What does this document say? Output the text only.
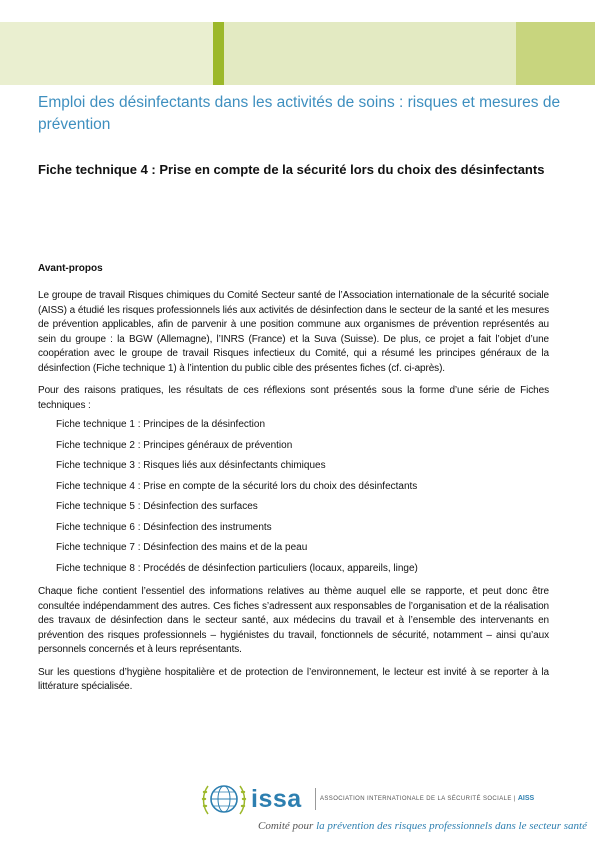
Emploi des désinfectants dans les activités de soins : risques et mesures de prévention
Fiche technique 4 : Prise en compte de la sécurité lors du choix des désinfectants

Avant-propos

Le groupe de travail Risques chimiques du Comité Secteur santé de l’Association internationale de la sécurité sociale (AISS) a étudié les risques professionnels liés aux activités de désinfection dans le secteur de la santé et les mesures de prévention applicables, afin de parvenir à une position commune aux organismes de prévention représentés au sein du groupe : la BGW (Allemagne), l’INRS (France) et la Suva (Suisse). De plus, ce projet a fait l’objet d’une coopération avec le groupe de travail Risques infectieux du Comité, qui a résumé les principes généraux de la désinfection (Fiche technique 1) à l’intention du public cible des présentes fiches (cf. ci-après).

Pour des raisons pratiques, les résultats de ces réflexions sont présentés sous la forme d’une série de Fiches techniques :

Fiche technique 1 : Principes de la désinfection
Fiche technique 2 : Principes généraux de prévention
Fiche technique 3 : Risques liés aux désinfectants chimiques
Fiche technique 4 : Prise en compte de la sécurité lors du choix des désinfectants
Fiche technique 5 : Désinfection des surfaces
Fiche technique 6 : Désinfection des instruments
Fiche technique 7 : Désinfection des mains et de la peau
Fiche technique 8 : Procédés de désinfection particuliers (locaux, appareils, linge)

Chaque fiche contient l’essentiel des informations relatives au thème auquel elle se rapporte, et peut donc être consultée indépendamment des autres. Ces fiches s’adressent aux responsables de l’organisation et de la réalisation des travaux de désinfection dans le secteur santé, aux médecins du travail et à l’ensemble des intervenants en prévention des risques professionnels – hygiénistes du travail, fonctionnels de sécurité, notamment – ainsi qu’aux personnels concernés et à leurs représentants.

Sur les questions d’hygiène hospitalière et de protection de l’environnement, le lecteur est invité à se reporter à la littérature spécialisée.

issa	ASSOCIATION INTERNATIONALE DE LA SÉCURITÉ SOCIALE | AISS
Comité pour la prévention des risques professionnels dans le secteur santé
